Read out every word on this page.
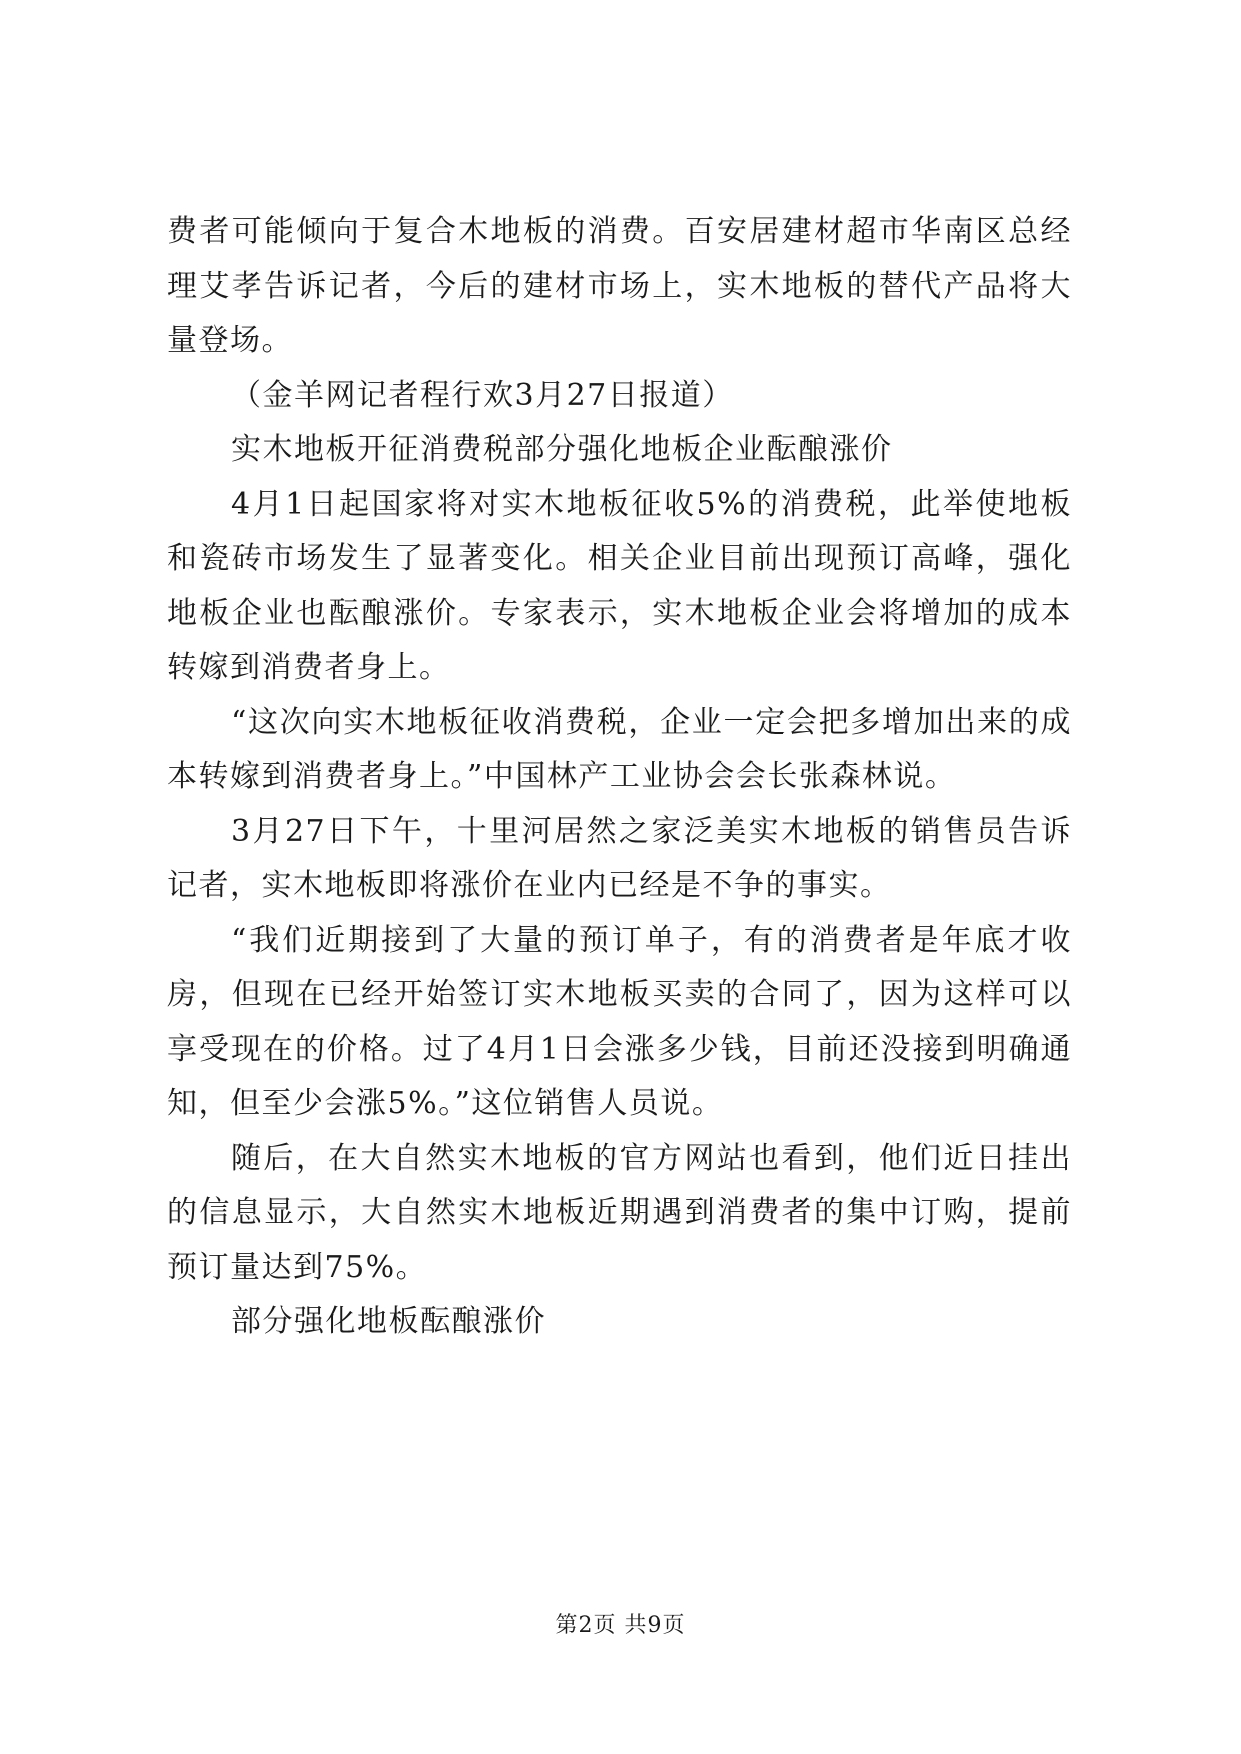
费者可能倾向于复合木地板的消费。百安居建材超市华南区总经理艾孝告诉记者，今后的建材市场上，实木地板的替代产品将大量登场。

（金羊网记者程行欢3月27日报道）

实木地板开征消费税部分强化地板企业酝酿涨价

4月1日起国家将对实木地板征收5%的消费税，此举使地板和瓷砖市场发生了显著变化。相关企业目前出现预订高峰，强化地板企业也酝酿涨价。专家表示，实木地板企业会将增加的成本转嫁到消费者身上。

“这次向实木地板征收消费税，企业一定会把多增加出来的成本转嫁到消费者身上。”中国林产工业协会会长张森林说。

3月27日下午，十里河居然之家泛美实木地板的销售员告诉记者，实木地板即将涨价在业内已经是不争的事实。

“我们近期接到了大量的预订单子，有的消费者是年底才收房，但现在已经开始签订实木地板买卖的合同了，因为这样可以享受现在的价格。过了4月1日会涨多少钱，目前还没接到明确通知，但至少会涨5%。”这位销售人员说。

随后，在大自然实木地板的官方网站也看到，他们近日挂出的信息显示，大自然实木地板近期遇到消费者的集中订购，提前预订量达到75%。

部分强化地板酝酿涨价

第2页 共9页
